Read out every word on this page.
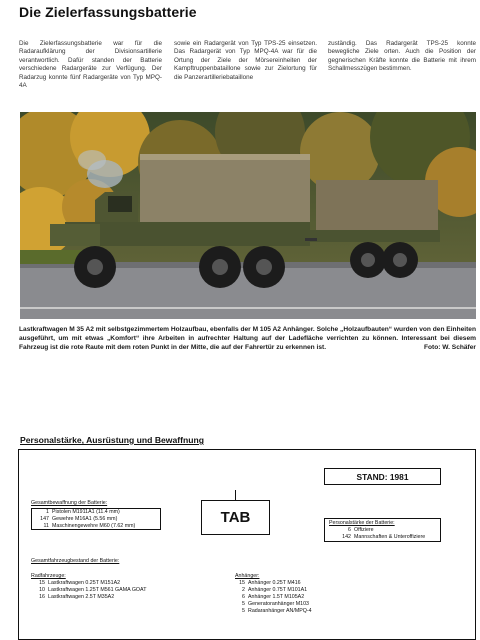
Die Zielerfassungsbatterie
Die Zielerfassungsbatterie war für die Radaraufklärung der Divisionsartillerie verantwortlich. Dafür standen der Batterie verschiedene Radargeräte zur Verfügung. Der Radarzug konnte fünf Radargeräte von Typ MPQ-4A
sowie ein Radargerät von Typ TPS-25 einsetzen. Das Radargerät von Typ MPQ-4A war für die Ortung der Ziele der Mörsereinheiten der Kampftruppenbataillone sowie zur Zielortung für die Panzerartilleriebataillone
zuständig. Das Radargerät TPS-25 konnte bewegliche Ziele orten. Auch die Position der gegnerischen Kräfte konnte die Batterie mit ihrem Schallmesszügen bestimmen.
Lastkraftwagen M 35 A2 mit selbstgezimmertem Holzaufbau, ebenfalls der M 105 A2 Anhänger. Solche „Holzaufbauten“ wurden von den Einheiten ausgeführt, um mit etwas „Komfort“ ihre Arbeiten in aufrechter Haltung auf der Ladefläche verrichten zu können. Interessant bei diesem Fahrzeug ist die rote Raute mit dem roten Punkt in der Mitte, die auf der Fahrertür zu erkennen ist.	Foto: W. Schäfer
Personalstärke, Ausrüstung und Bewaffnung
STAND: 1981
TAB
Gesamtbewaffnung der Batterie:
1 Pistolen M1911A1 (11.4 mm)
147 Gewehre M16A1 (5.56 mm)
11 Maschinengewehre M60 (7.62 mm)	Personalstärke der Batterie:
6 Offiziere
142 Mannschaften & Unteroffiziere
Gesamtfahrzeugbestand der Batterie:
Radfahrzeuge:
15 Lastkraftwagen 0.25T M151A2
10 Lastkraftwagen 1.25T M561 GAMA GOAT
16 Lastkraftwagen 2.5T M35A2
Anhänger:
15 Anhänger 0.25T M416
2 Anhänger 0.75T M101A1
6 Anhänger 1.5T M105A2
5 Generatoranhänger M103
5 Radaranhänger AN/MPQ-4
